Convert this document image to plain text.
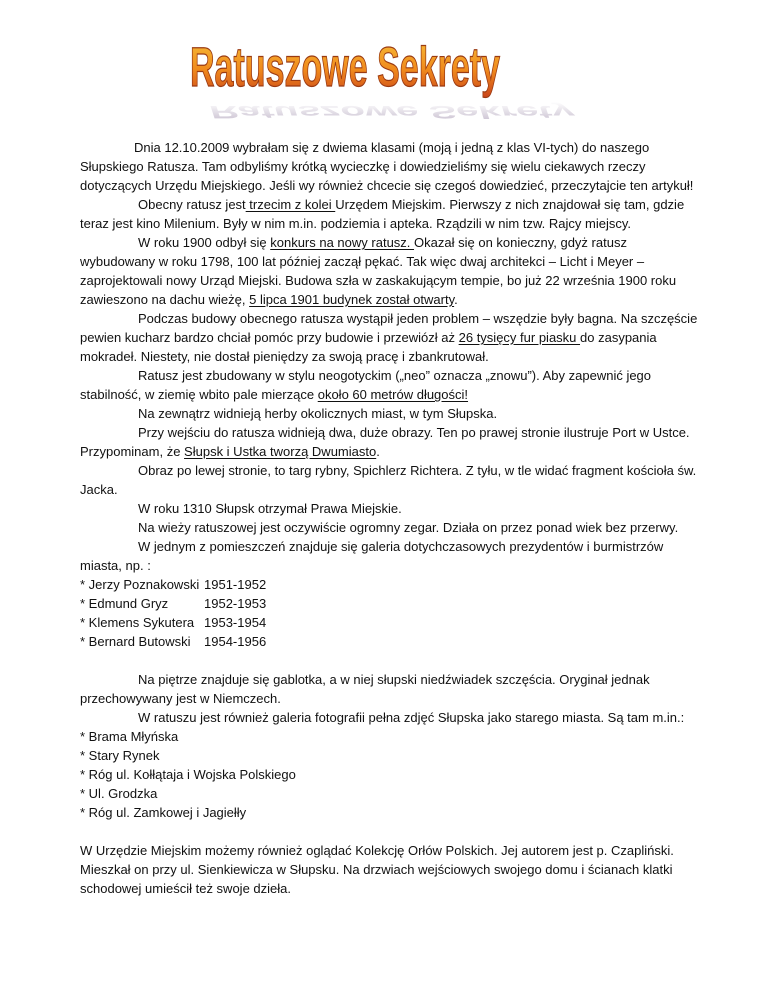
Ratuszowe Sekrety
Ratuszowe Sekrety

Dnia 12.10.2009 wybrałam się z dwiema klasami (moją i jedną z klas VI-tych) do naszego Słupskiego Ratusza. Tam odbyliśmy krótką wycieczkę i dowiedzieliśmy się wielu ciekawych rzeczy dotyczących Urzędu Miejskiego. Jeśli wy również chcecie się czegoś dowiedzieć, przeczytajcie ten artykuł!

Obecny ratusz jest trzecim z kolei Urzędem Miejskim. Pierwszy z nich znajdował się tam, gdzie teraz jest kino Milenium. Były w nim m.in. podziemia i apteka. Rządzili w nim tzw. Rajcy miejscy.

W roku 1900 odbył się konkurs na nowy ratusz. Okazał się on konieczny, gdyż ratusz wybudowany w roku 1798, 100 lat później zaczął pękać. Tak więc dwaj architekci – Licht i Meyer – zaprojektowali nowy Urząd Miejski. Budowa szła w zaskakującym tempie, bo już 22 września 1900 roku zawieszono na dachu wieżę, 5 lipca 1901 budynek został otwarty.

Podczas budowy obecnego ratusza wystąpił jeden problem – wszędzie były bagna. Na szczęście pewien kucharz bardzo chciał pomóc przy budowie i przewiózł aż 26 tysięcy fur piasku do zasypania mokradeł. Niestety, nie dostał pieniędzy za swoją pracę i zbankrutował.

Ratusz jest zbudowany w stylu neogotyckim („neo” oznacza „znowu”). Aby zapewnić jego stabilność, w ziemię wbito pale mierzące około 60 metrów długości!

Na zewnątrz widnieją herby okolicznych miast, w tym Słupska.

Przy wejściu do ratusza widnieją dwa, duże obrazy. Ten po prawej stronie ilustruje Port w Ustce. Przypominam, że Słupsk i Ustka tworzą Dwumiasto.

Obraz po lewej stronie, to targ rybny, Spichlerz Richtera. Z tyłu, w tle widać fragment kościoła św. Jacka.

W roku 1310 Słupsk otrzymał Prawa Miejskie.

Na wieży ratuszowej jest oczywiście ogromny zegar. Działa on przez ponad wiek bez przerwy.

W jednym z pomieszczeń znajduje się galeria dotychczasowych prezydentów i burmistrzów miasta, np. :

* Jerzy Poznakowski 1951-1952
* Edmund Gryz	1952-1953
* Klemens Sykutera 1953-1954
* Bernard Butowski	1954-1956

Na piętrze znajduje się gablotka, a w niej słupski niedźwiadek szczęścia. Oryginał jednak przechowywany jest w Niemczech.

W ratuszu jest również galeria fotografii pełna zdjęć Słupska jako starego miasta. Są tam m.in.:

* Brama Młyńska
* Stary Rynek
* Róg ul. Kołłątaja i Wojska Polskiego
* Ul. Grodzka
* Róg ul. Zamkowej i Jagiełły

W Urzędzie Miejskim możemy również oglądać Kolekcję Orłów Polskich. Jej autorem jest p. Czapliński. Mieszkał on przy ul. Sienkiewicza w Słupsku. Na drzwiach wejściowych swojego domu i ścianach klatki schodowej umieścił też swoje dzieła.
